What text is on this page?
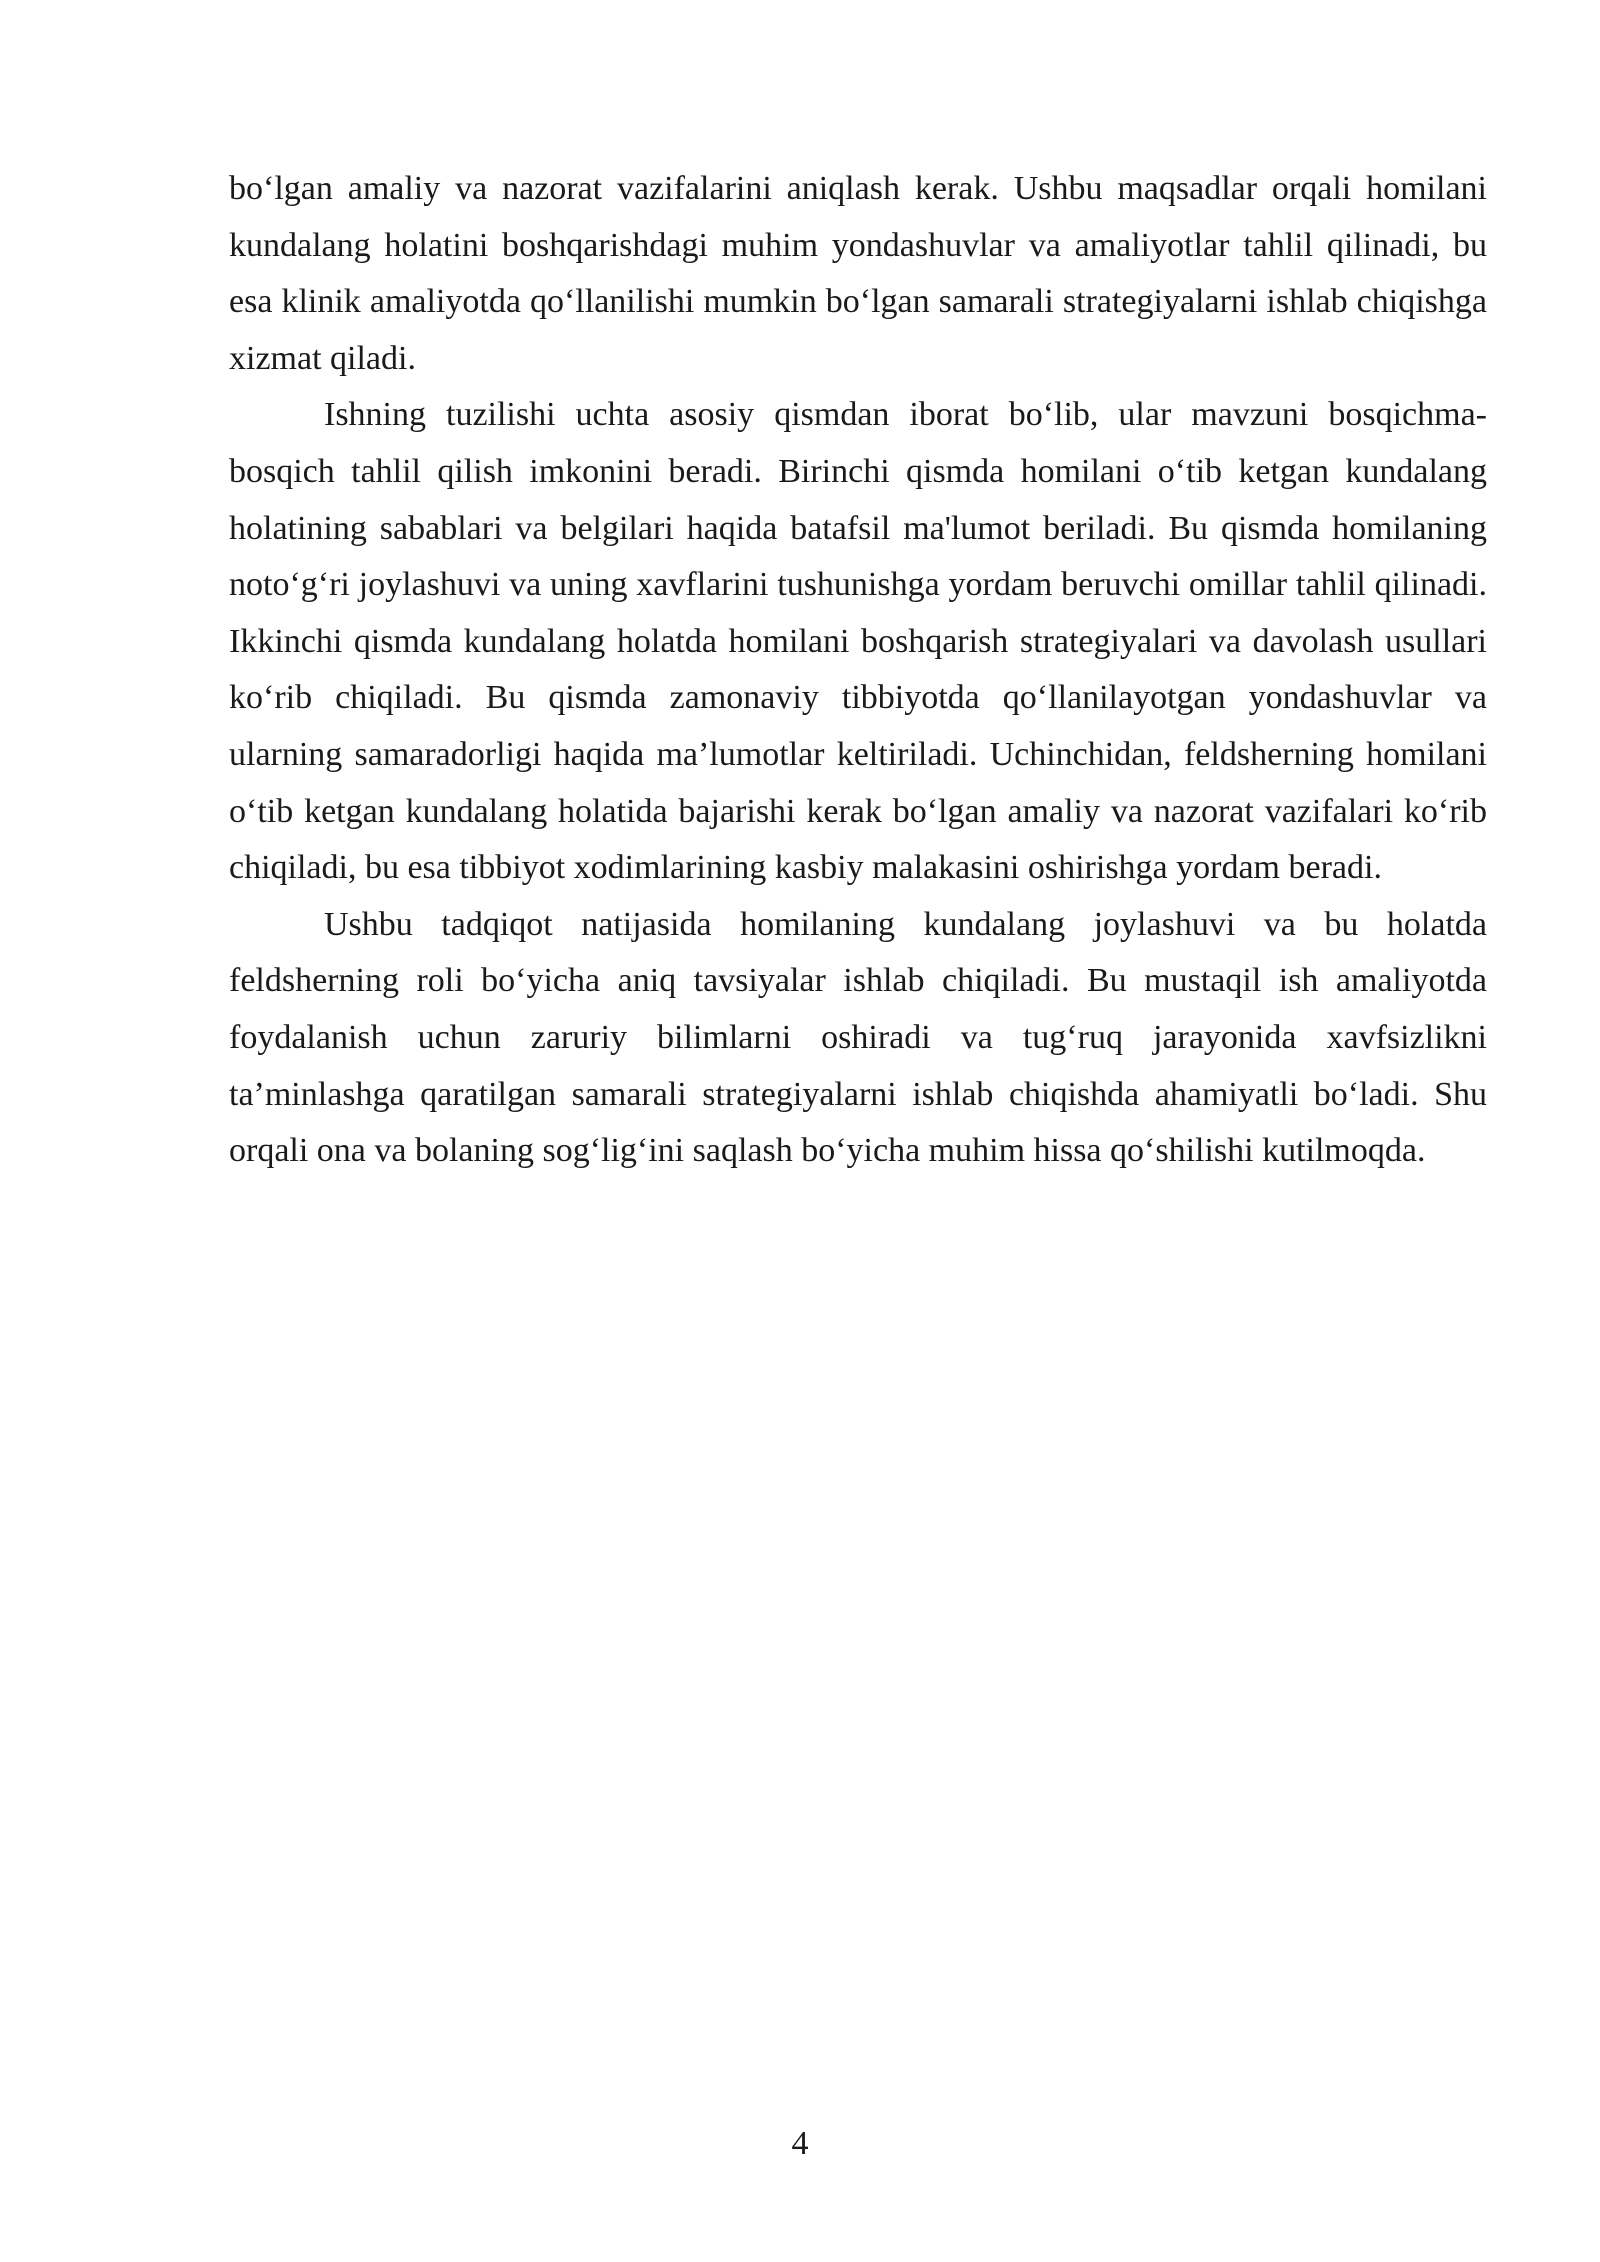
bo‘lgan amaliy va nazorat vazifalarini aniqlash kerak. Ushbu maqsadlar orqali homilani kundalang holatini boshqarishdagi muhim yondashuvlar va amaliyotlar tahlil qilinadi, bu esa klinik amaliyotda qo‘llanilishi mumkin bo‘lgan samarali strategiyalarni ishlab chiqishga xizmat qiladi.

Ishning tuzilishi uchta asosiy qismdan iborat bo‘lib, ular mavzuni bosqichma-bosqich tahlil qilish imkonini beradi. Birinchi qismda homilani o‘tib ketgan kundalang holatining sabablari va belgilari haqida batafsil ma'lumot beriladi. Bu qismda homilaning noto‘g‘ri joylashuvi va uning xavflarini tushunishga yordam beruvchi omillar tahlil qilinadi. Ikkinchi qismda kundalang holatda homilani boshqarish strategiyalari va davolash usullari ko‘rib chiqiladi. Bu qismda zamonaviy tibbiyotda qo‘llanilayotgan yondashuvlar va ularning samaradorligi haqida ma’lumotlar keltiriladi. Uchinchidan, feldsherning homilani o‘tib ketgan kundalang holatida bajarishi kerak bo‘lgan amaliy va nazorat vazifalari ko‘rib chiqiladi, bu esa tibbiyot xodimlarining kasbiy malakasini oshirishga yordam beradi.

Ushbu tadqiqot natijasida homilaning kundalang joylashuvi va bu holatda feldsherning roli bo‘yicha aniq tavsiyalar ishlab chiqiladi. Bu mustaqil ish amaliyotda foydalanish uchun zaruriy bilimlarni oshiradi va tug‘ruq jarayonida xavfsizlikni ta’minlashga qaratilgan samarali strategiyalarni ishlab chiqishda ahamiyatli bo‘ladi. Shu orqali ona va bolaning sog‘lig‘ini saqlash bo‘yicha muhim hissa qo‘shilishi kutilmoqda.

4
